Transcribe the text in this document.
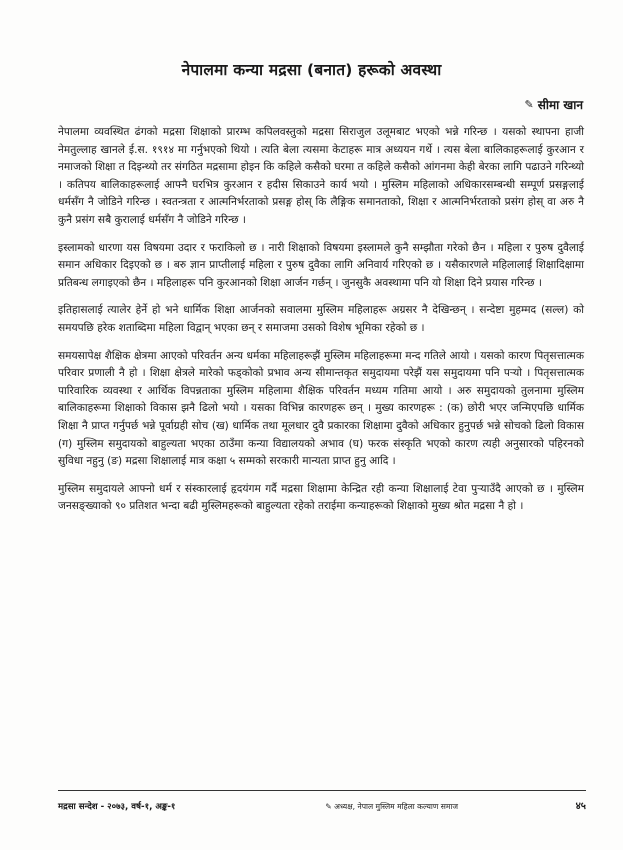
नेपालमा कन्या मद्रसा (बनात) हरूको अवस्था
✎ सीमा खान

नेपालमा व्यवस्थित ढंगको मद्रसा शिक्षाको प्रारम्भ कपिलवस्तुको मद्रसा सिराजुल उलूमबाट भएको भन्ने गरिन्छ । यसको स्थापना हाजी नेमतुल्लाह खानले ई.स. १९१४ मा गर्नुभएको थियो । त्यति बेला त्यसमा केटाहरू मात्र अध्ययन गर्थे । त्यस बेला बालिकाहरूलाई कुरआन र नमाजको शिक्षा त दिइन्थ्यो तर संगठित मद्रसामा होइन कि कहिले कसैको घरमा त कहिले कसैको आंगनमा केही बेरका लागि पढाउने गरिन्थ्यो । कतिपय बालिकाहरूलाई आफ्नै घरभित्र कुरआन र हदीस सिकाउने कार्य भयो । मुस्लिम महिलाको अधिकारसम्बन्धी सम्पूर्ण प्रसङ्गलाई धर्मसँग नै जोडिने गरिन्छ । स्वतन्त्रता र आत्मनिर्भरताको प्रसङ्ग होस् कि लैङ्गिक समानताको, शिक्षा र आत्मनिर्भरताको प्रसंग होस् वा अरु नै कुनै प्रसंग सबै कुरालाई धर्मसँग नै जोडिने गरिन्छ ।

इस्लामको धारणा यस विषयमा उदार र फराकिलो छ । नारी शिक्षाको विषयमा इस्लामले कुनै सम्झौता गरेको छैन । महिला र पुरुष दुवैलाई समान अधिकार दिइएको छ । बरु ज्ञान प्राप्तीलाई महिला र पुरुष दुवैका लागि अनिवार्य गरिएको छ । यसैकारणले महिलालाई शिक्षादिक्षामा प्रतिबन्ध लगाइएको छैन । महिलाहरू पनि कुरआनको शिक्षा आर्जन गर्छन् । जुनसुकै अवस्थामा पनि यो शिक्षा दिने प्रयास गरिन्छ ।

इतिहासलाई त्यालेर हेर्ने हो भने धार्मिक शिक्षा आर्जनको सवालमा मुस्लिम महिलाहरू अग्रसर नै देखिन्छन् । सन्देष्टा मुहम्मद (सल्ल) को समयपछि हरेक शताब्दिमा महिला विद्वान् भएका छन् र समाजमा उसको विशेष भूमिका रहेको छ ।

समयसापेक्ष शैक्षिक क्षेत्रमा आएको परिवर्तन अन्य धर्मका महिलाहरूझैं मुस्लिम महिलाहरूमा मन्द गतिले आयो । यसको कारण पितृसत्तात्मक परिवार प्रणाली नै हो । शिक्षा क्षेत्रले मारेको फड्कोको प्रभाव अन्य सीमान्तकृत समुदायमा परेझैं यस समुदायमा पनि पर्‍यो । पितृसत्तात्मक पारिवारिक व्यवस्था र आर्थिक विपन्नताका मुस्लिम महिलामा शैक्षिक परिवर्तन मध्यम गतिमा आयो । अरु समुदायको तुलनामा मुस्लिम बालिकाहरूमा शिक्षाको विकास झनै ढिलो भयो । यसका विभिन्न कारणहरू छन् । मुख्य कारणहरू : (क) छोरी भएर जन्मिएपछि धार्मिक शिक्षा नै प्राप्त गर्नुपर्छ भन्ने पूर्वाग्रही सोच (ख) धार्मिक तथा मूलधार दुवै प्रकारका शिक्षामा दुवैको अधिकार हुनुपर्छ भन्ने सोचको ढिलो विकास (ग) मुस्लिम समुदायको बाहुल्यता भएका ठाउँमा कन्या विद्यालयको अभाव (घ) फरक संस्कृति भएको कारण त्यही अनुसारको पहिरनको सुविधा नहुनु (ङ) मद्रसा शिक्षालाई मात्र कक्षा ५ सम्मको सरकारी मान्यता प्राप्त हुनु आदि ।

मुस्लिम समुदायले आफ्नो धर्म र संस्कारलाई हृदयंगम गर्दै मद्रसा शिक्षामा केन्द्रित रही कन्या शिक्षालाई टेवा पुऱ्याउँदै आएको छ । मुस्लिम जनसङ्ख्याको ९० प्रतिशत भन्दा बढी मुस्लिमहरूको बाहुल्यता रहेको तराईमा कन्याहरूको शिक्षाको मुख्य श्रोत मद्रसा नै हो ।

मद्रसा सन्देश - २०७३, वर्ष-१, अङ्क-१	✎ अध्यक्ष, नेपाल मुस्लिम महिला कल्याण समाज	४५
